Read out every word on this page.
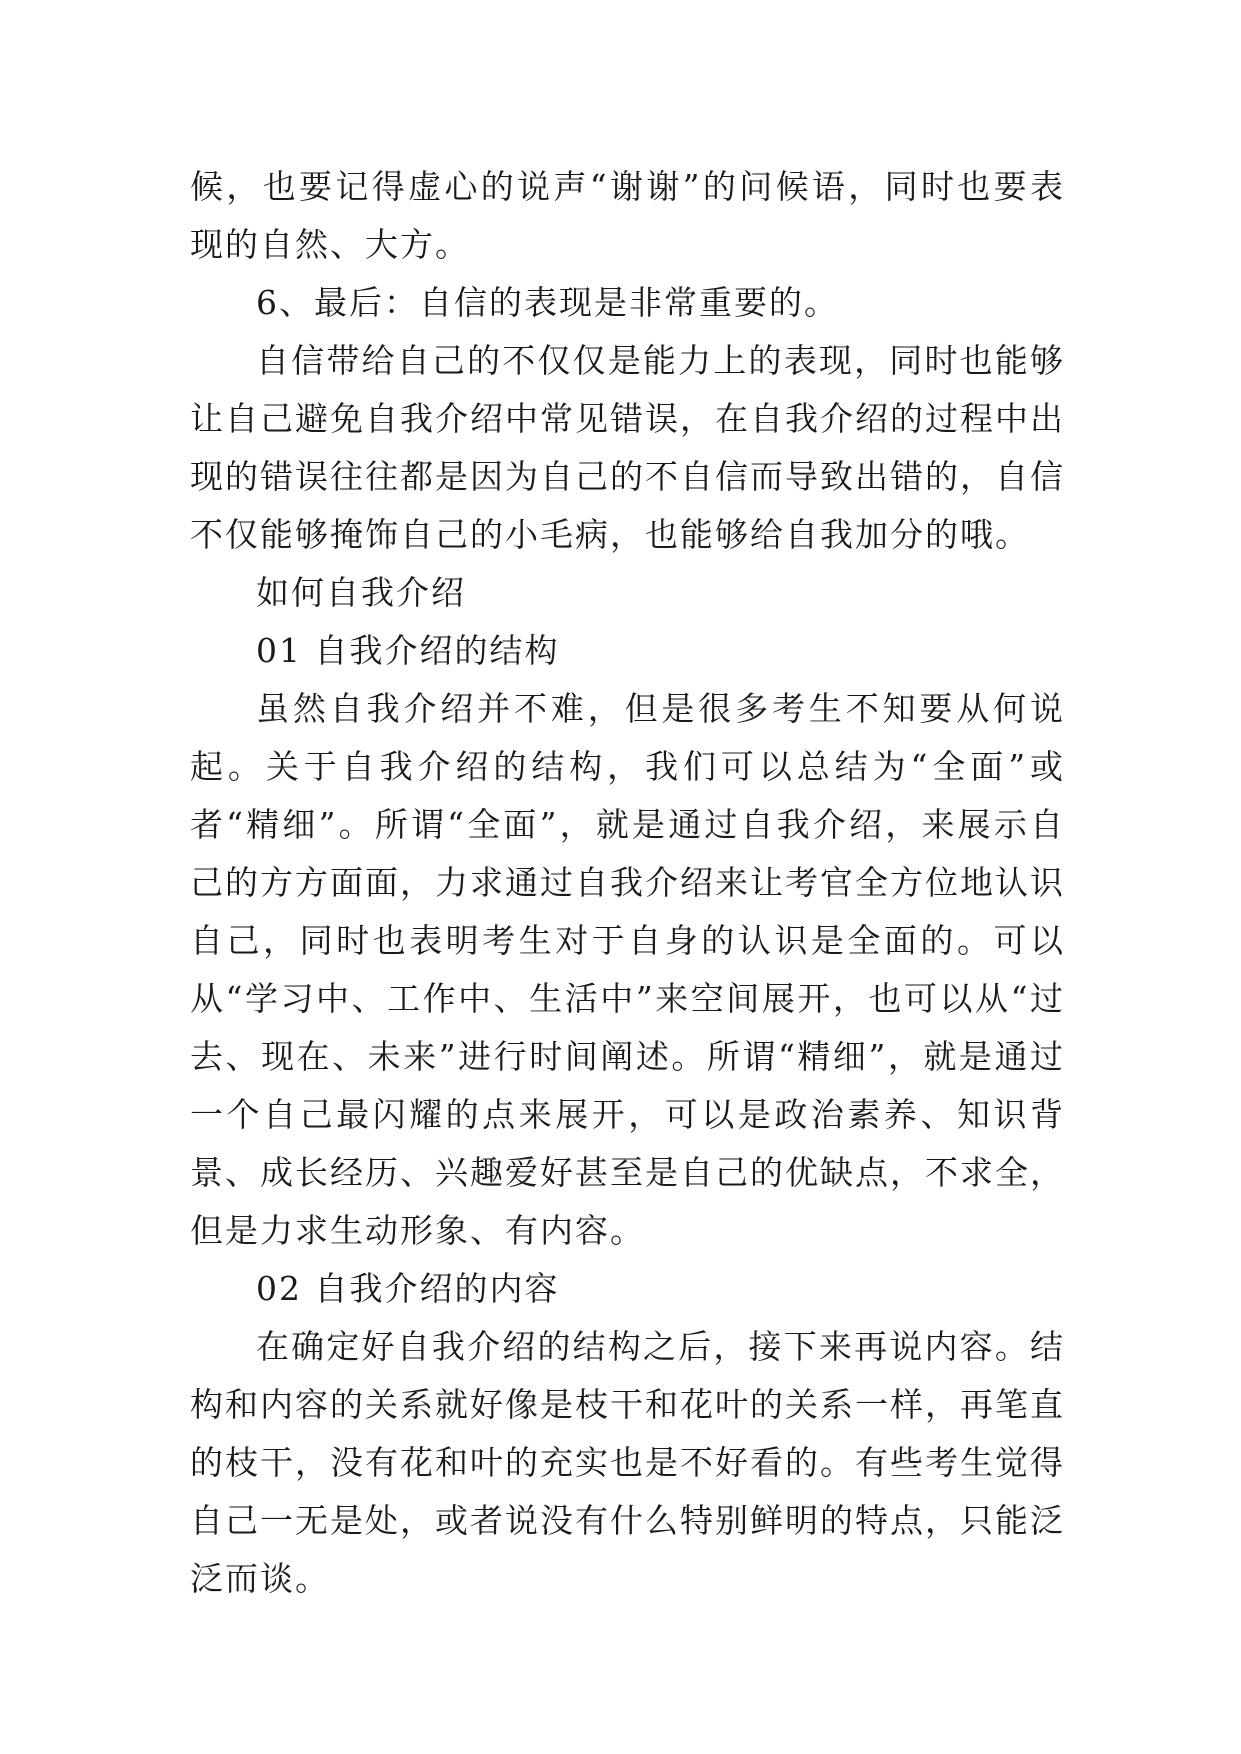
候，也要记得虚心的说声“谢谢”的问候语，同时也要表现的自然、大方。

6、最后：自信的表现是非常重要的。

自信带给自己的不仅仅是能力上的表现，同时也能够让自己避免自我介绍中常见错误，在自我介绍的过程中出现的错误往往都是因为自己的不自信而导致出错的，自信不仅能够掩饰自己的小毛病，也能够给自我加分的哦。

如何自我介绍

01 自我介绍的结构

虽然自我介绍并不难，但是很多考生不知要从何说起。关于自我介绍的结构，我们可以总结为“全面”或者“精细”。所谓“全面”，就是通过自我介绍，来展示自己的方方面面，力求通过自我介绍来让考官全方位地认识自己，同时也表明考生对于自身的认识是全面的。可以从“学习中、工作中、生活中”来空间展开，也可以从“过去、现在、未来”进行时间阐述。所谓“精细”，就是通过一个自己最闪耀的点来展开，可以是政治素养、知识背景、成长经历、兴趣爱好甚至是自己的优缺点，不求全，但是力求生动形象、有内容。

02 自我介绍的内容

在确定好自我介绍的结构之后，接下来再说内容。结构和内容的关系就好像是枝干和花叶的关系一样，再笔直的枝干，没有花和叶的充实也是不好看的。有些考生觉得自己一无是处，或者说没有什么特别鲜明的特点，只能泛泛而谈。
